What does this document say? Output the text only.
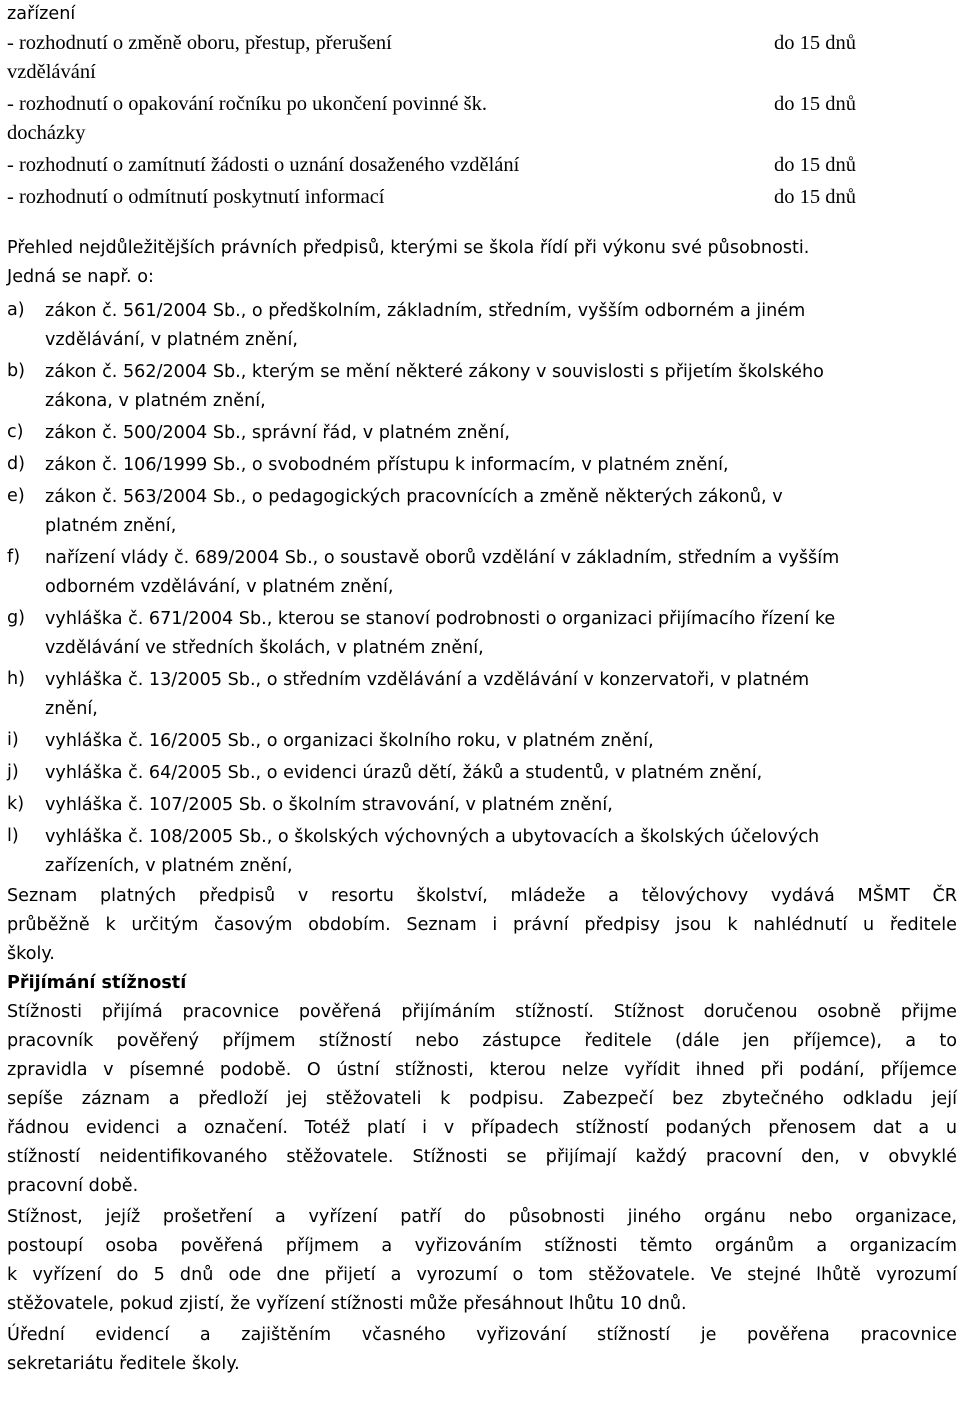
zařízení
- rozhodnutí o změně oboru, přestup, přerušení
vzdělávání
do 15 dnů
- rozhodnutí o opakování ročníku po ukončení povinné šk.
docházky
do 15 dnů
- rozhodnutí o zamítnutí žádosti o uznání dosaženého vzdělání	do 15 dnů
- rozhodnutí o odmítnutí poskytnutí informací	do 15 dnů
Přehled nejdůležitějších právních předpisů, kterými se škola řídí při výkonu své působnosti.
Jedná se např. o:
a) zákon č. 561/2004 Sb., o předškolním, základním, středním, vyšším odborném a jiném
vzdělávání, v platném znění,
b) zákon č. 562/2004 Sb., kterým se mění některé zákony v souvislosti s přijetím školského
zákona, v platném znění,
c) zákon č. 500/2004 Sb., správní řád, v platném znění,
d) zákon č. 106/1999 Sb., o svobodném přístupu k informacím, v platném znění,
e) zákon č. 563/2004 Sb., o pedagogických pracovnících a změně některých zákonů, v
platném znění,
f) nařízení vlády č. 689/2004 Sb., o soustavě oborů vzdělání v základním, středním a vyšším
odborném vzdělávání, v platném znění,
g) vyhláška č. 671/2004 Sb., kterou se stanoví podrobnosti o organizaci přijímacího řízení ke
vzdělávání ve středních školách, v platném znění,
h) vyhláška č. 13/2005 Sb., o středním vzdělávání a vzdělávání v konzervatoři, v platném
znění,
i) vyhláška č. 16/2005 Sb., o organizaci školního roku, v platném znění,
j) vyhláška č. 64/2005 Sb., o evidenci úrazů dětí, žáků a studentů, v platném znění,
k) vyhláška č. 107/2005 Sb. o školním stravování, v platném znění,
l) vyhláška č. 108/2005 Sb., o školských výchovných a ubytovacích a školských účelových
zařízeních, v platném znění,
Seznam platných předpisů v resortu školství, mládeže a tělovýchovy vydává MŠMT ČR
průběžně k určitým časovým obdobím. Seznam i právní předpisy jsou k nahlédnutí u ředitele
školy.
Přijímání stížností
Stížnosti přijímá pracovnice pověřená přijímáním stížností. Stížnost doručenou osobně přijme
pracovník pověřený příjmem stížností nebo zástupce ředitele (dále jen příjemce), a to
zpravidla v písemné podobě. O ústní stížnosti, kterou nelze vyřídit ihned při podání, příjemce
sepíše záznam a předloží jej stěžovateli k podpisu. Zabezpečí bez zbytečného odkladu její
řádnou evidenci a označení. Totéž platí i v případech stížností podaných přenosem dat a u
stížností neidentifikovaného stěžovatele. Stížnosti se přijímají každý pracovní den, v obvyklé
pracovní době.
Stížnost, jejíž prošetření a vyřízení patří do působnosti jiného orgánu nebo organizace,
postoupí osoba pověřená příjmem a vyřizováním stížnosti těmto orgánům a organizacím
k vyřízení do 5 dnů ode dne přijetí a vyrozumí o tom stěžovatele. Ve stejné lhůtě vyrozumí
stěžovatele, pokud zjistí, že vyřízení stížnosti může přesáhnout lhůtu 10 dnů.
Úřední evidencí a zajištěním včasného vyřizování stížností je pověřena pracovnice
sekretariátu ředitele školy.
